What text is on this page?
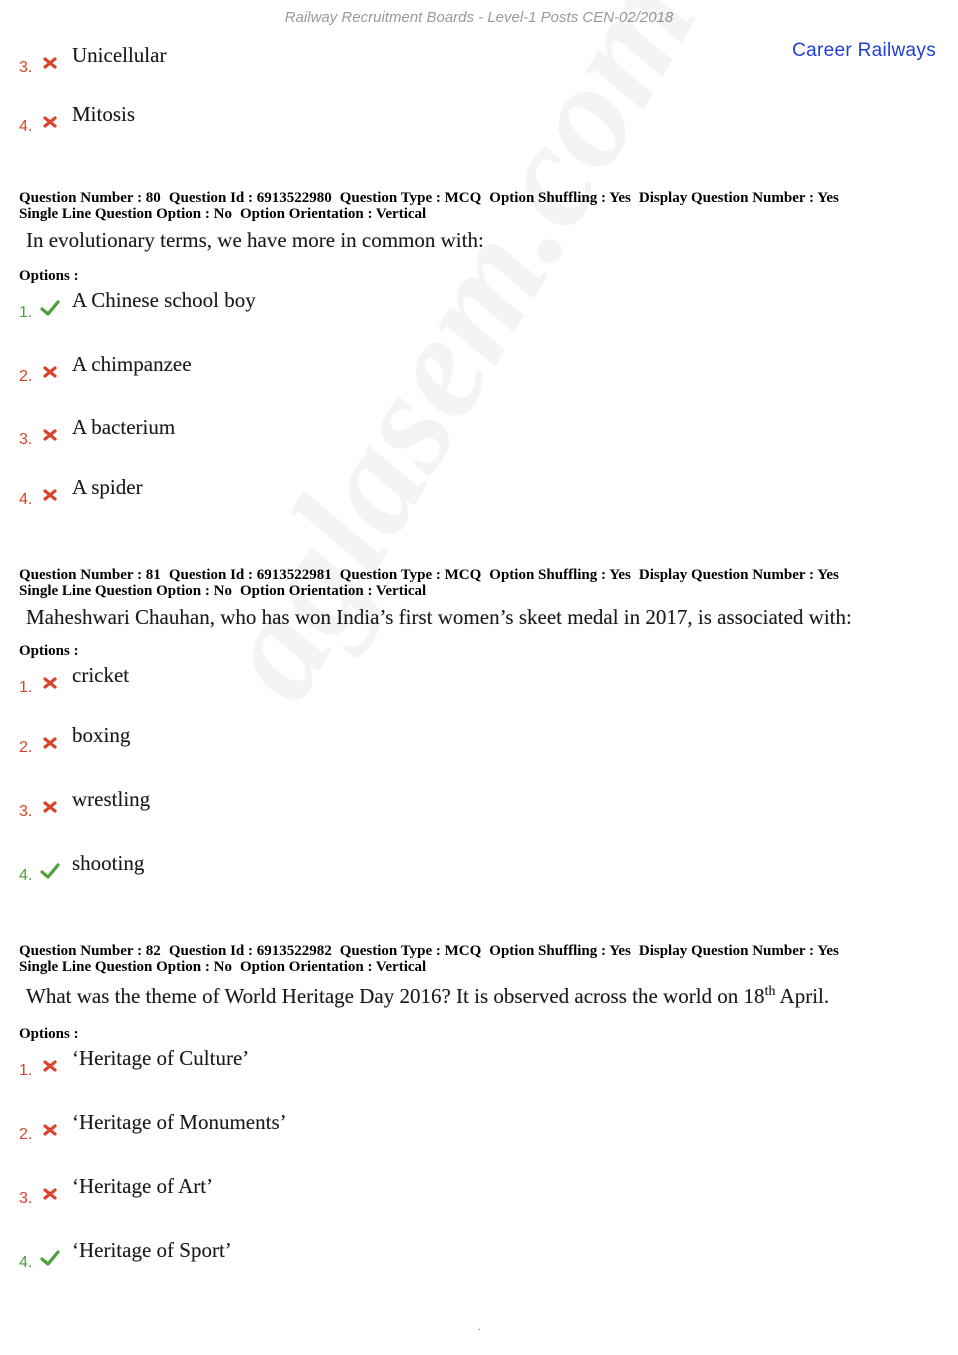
Railway Recruitment Boards - Level-1 Posts CEN-02/2018
Career Railways
3.
Unicellular
4.
Mitosis
Question Number : 80 Question Id : 6913522980 Question Type : MCQ Option Shuffling : Yes Display Question Number : Yes
Single Line Question Option : No Option Orientation : Vertical
In evolutionary terms, we have more in common with:
Options :
1.
A Chinese school boy
2.
A chimpanzee
3.
A bacterium
4.
A spider
Question Number : 81 Question Id : 6913522981 Question Type : MCQ Option Shuffling : Yes Display Question Number : Yes
Single Line Question Option : No Option Orientation : Vertical
Maheshwari Chauhan, who has won India’s first women’s skeet medal in 2017, is associated with:
Options :
1.
cricket
2.
boxing
3.
wrestling
4.
shooting
Question Number : 82 Question Id : 6913522982 Question Type : MCQ Option Shuffling : Yes Display Question Number : Yes
Single Line Question Option : No Option Orientation : Vertical
What was the theme of World Heritage Day 2016? It is observed across the world on 18th April.
Options :
1.
‘Heritage of Culture’
2.
‘Heritage of Monuments’
3.
‘Heritage of Art’
4.
‘Heritage of Sport’
.
